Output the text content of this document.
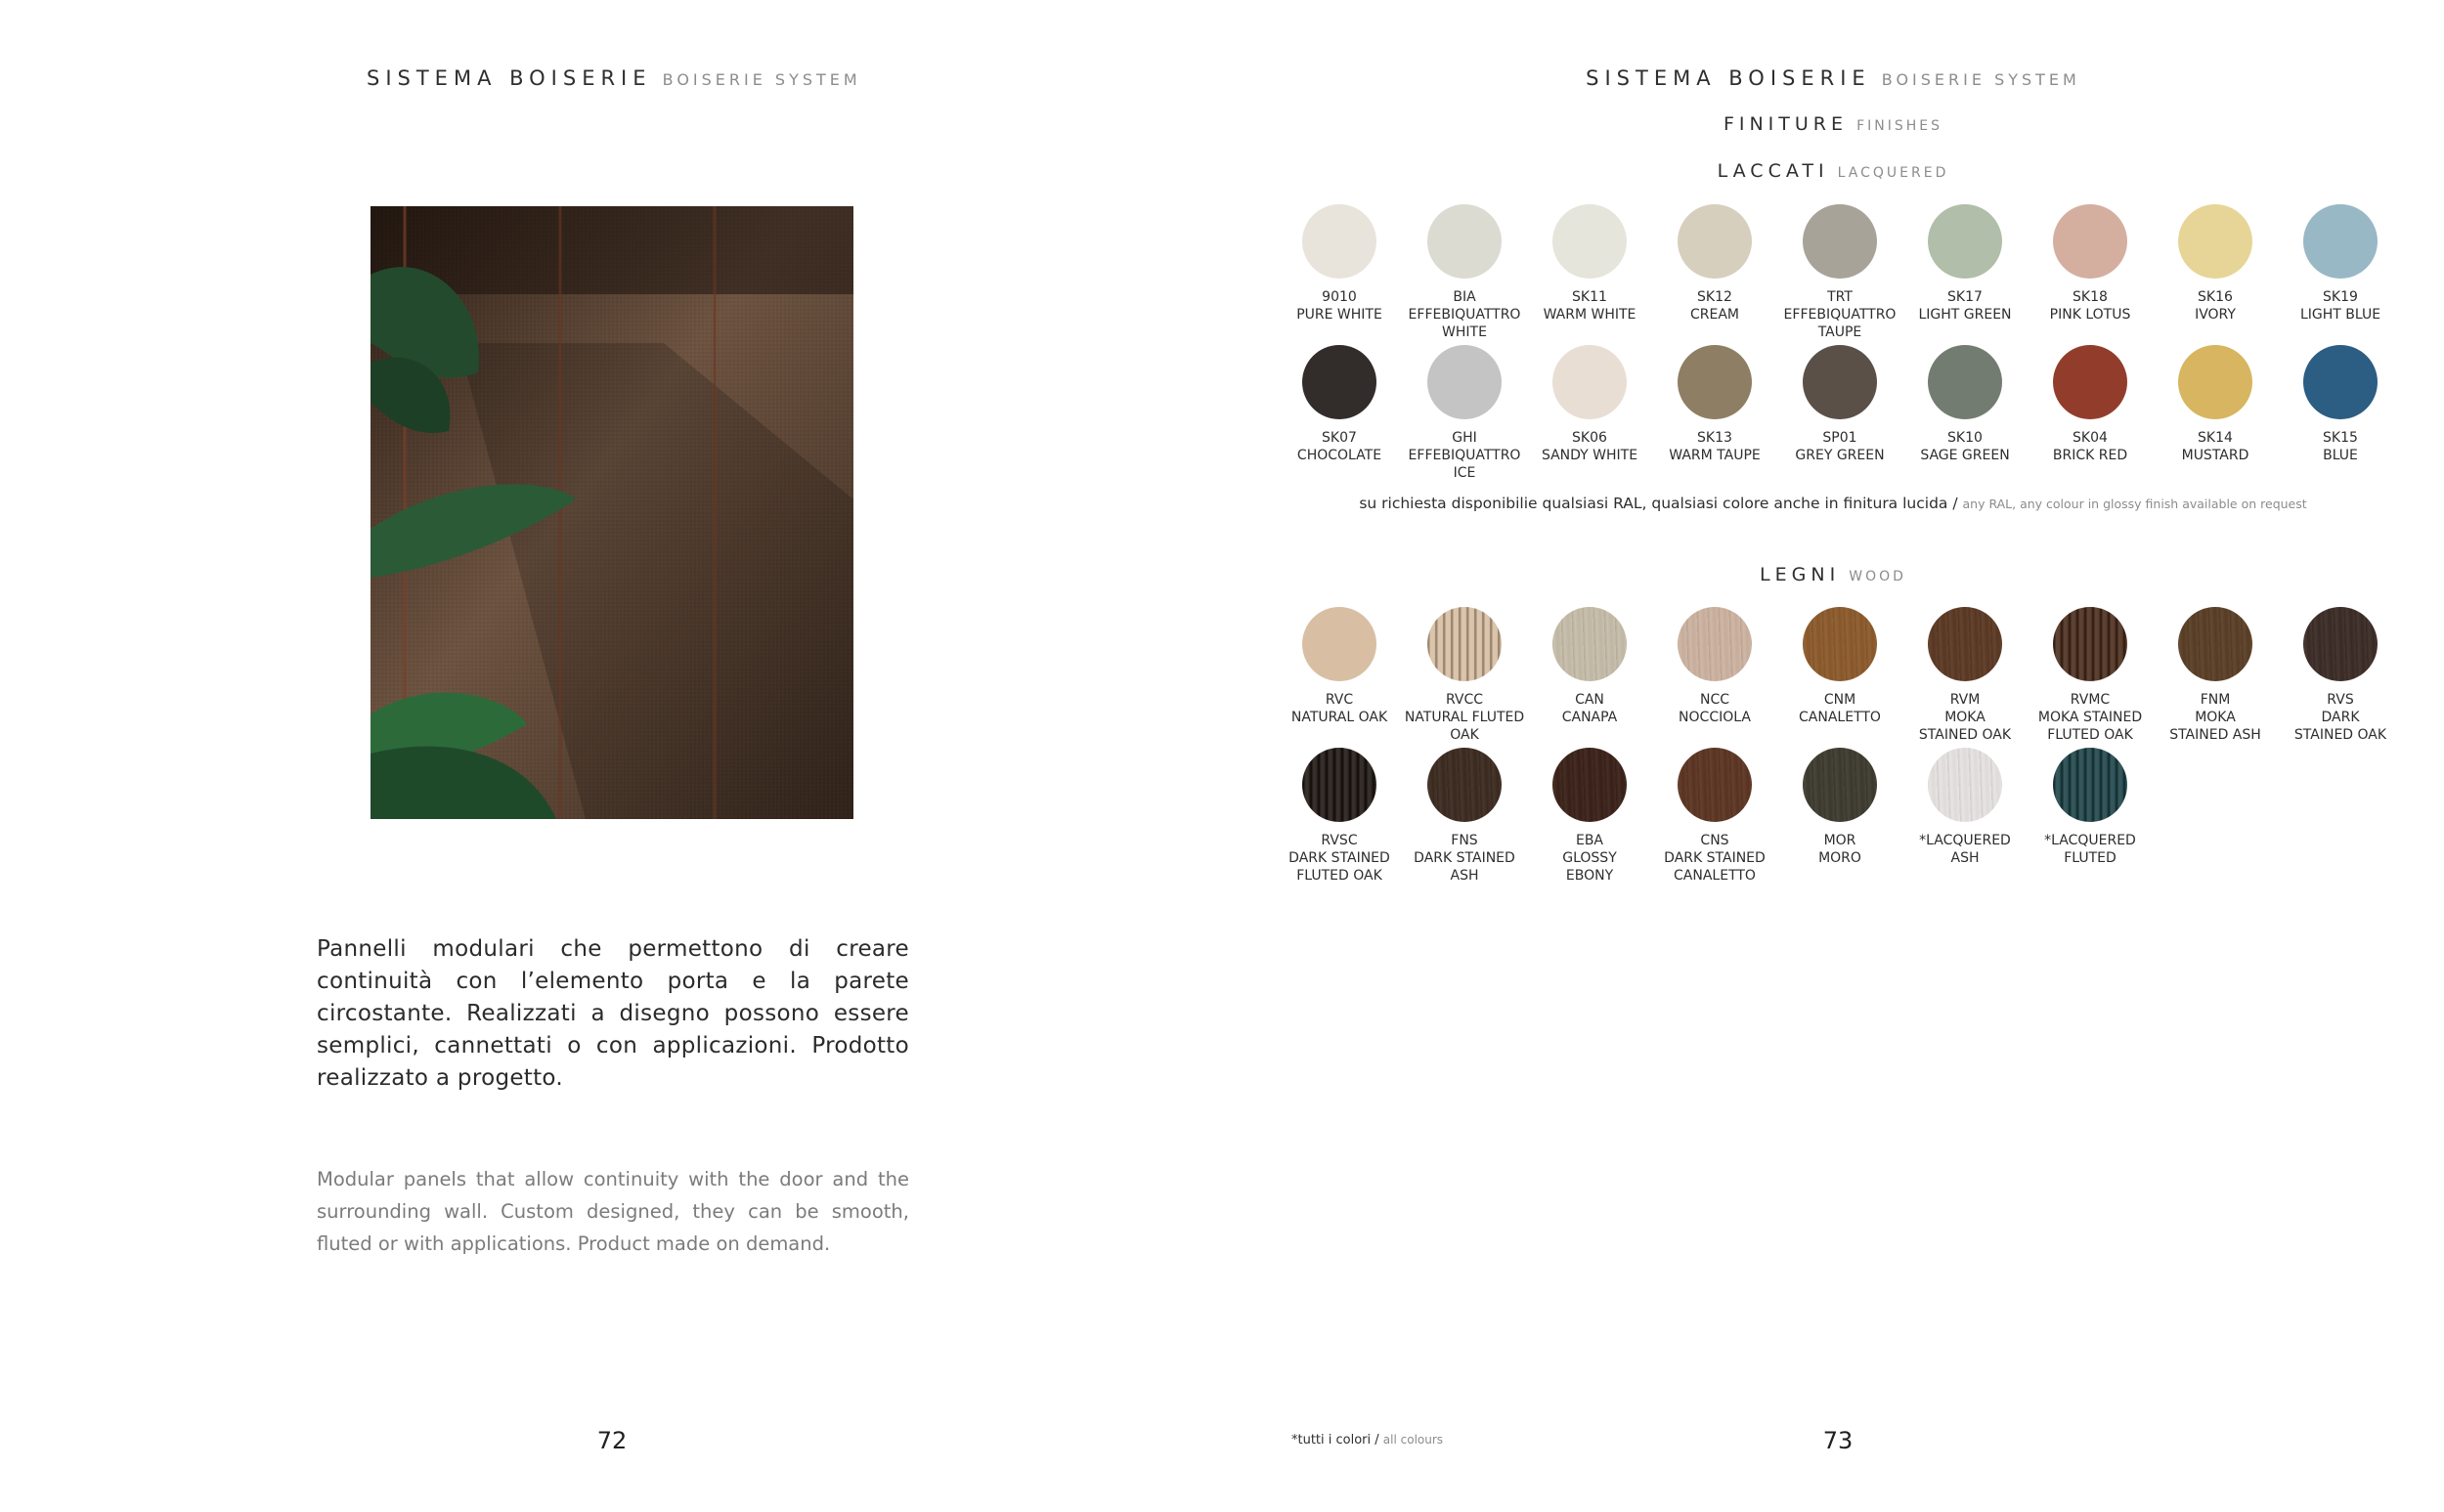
SISTEMA BOISERIE BOISERIE SYSTEM
Pannelli modulari che permettono di creare continuità con l’elemento porta e la parete circostante. Realizzati a disegno possono essere semplici, cannettati o con applicazioni. Prodotto realizzato a progetto.
Modular panels that allow continuity with the door and the surrounding wall. Custom designed, they can be smooth, fluted or with applications. Product made on demand.
72
SISTEMA BOISERIE BOISERIE SYSTEM
FINITURE FINISHES
LACCATI LACQUERED
9010
PURE WHITE
BIA
EFFEBIQUATTRO
WHITE
SK11
WARM WHITE
SK12
CREAM
TRT
EFFEBIQUATTRO
TAUPE
SK17
LIGHT GREEN
SK18
PINK LOTUS
SK16
IVORY
SK19
LIGHT BLUE
SK07
CHOCOLATE
GHI
EFFEBIQUATTRO
ICE
SK06
SANDY WHITE
SK13
WARM TAUPE
SP01
GREY GREEN
SK10
SAGE GREEN
SK04
BRICK RED
SK14
MUSTARD
SK15
BLUE
su richiesta disponibilie qualsiasi RAL, qualsiasi colore anche in finitura lucida / any RAL, any colour in glossy finish available on request
LEGNI WOOD
RVC
NATURAL OAK
RVCC
NATURAL FLUTED
OAK
CAN
CANAPA
NCC
NOCCIOLA
CNM
CANALETTO
RVM
MOKA
STAINED OAK
RVMC
MOKA STAINED
FLUTED OAK
FNM
MOKA
STAINED ASH
RVS
DARK
STAINED OAK
RVSC
DARK STAINED
FLUTED OAK
FNS
DARK STAINED
ASH
EBA
GLOSSY
EBONY
CNS
DARK STAINED
CANALETTO
MOR
MORO
*LACQUERED
ASH
*LACQUERED
FLUTED
*tutti i colori / all colours	73
